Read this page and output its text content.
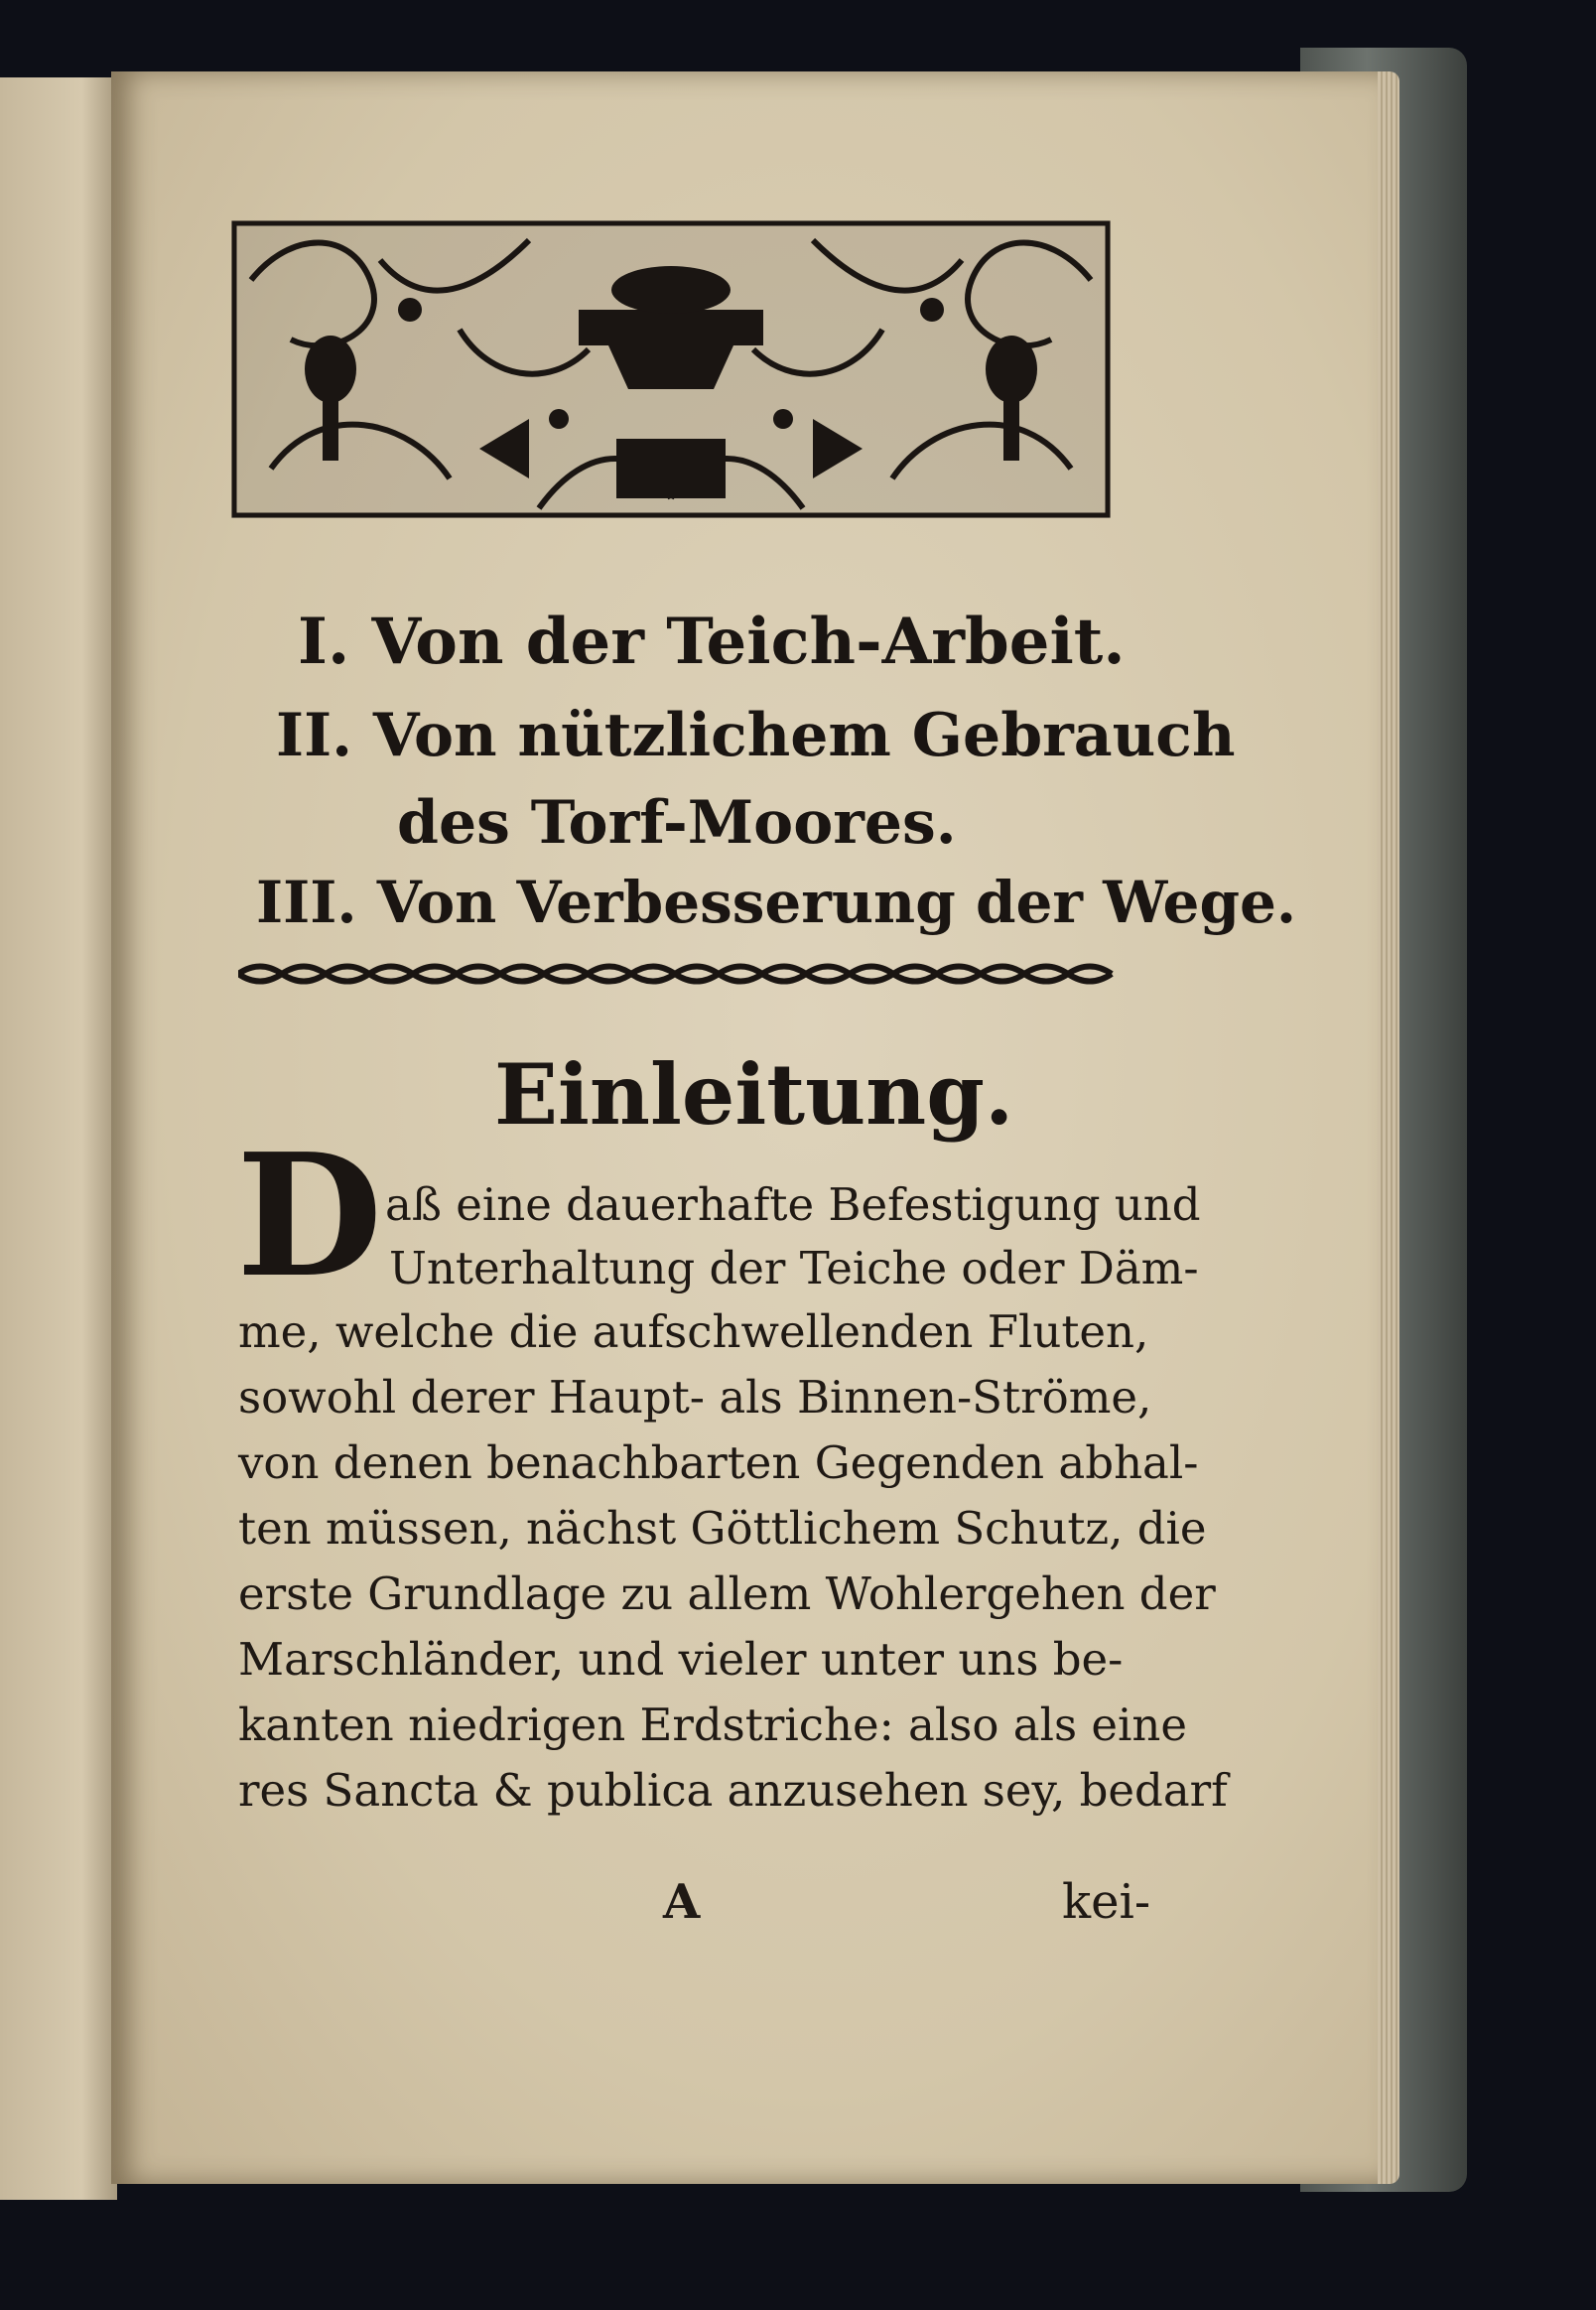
I. Von der Teich-Arbeit.
II. Von nützlichem Gebrauch
des Torf-Moores.
III. Von Verbesserung der Wege.
Einleitung.
D aß eine dauerhafte Befestigung und
Unterhaltung der Teiche oder Däm-
me, welche die aufschwellenden Fluten,
sowohl derer Haupt- als Binnen-Ströme,
von denen benachbarten Gegenden abhal-
ten müssen, nächst Göttlichem Schutz, die
erste Grundlage zu allem Wohlergehen der
Marschländer, und vieler unter uns be-
kanten niedrigen Erdstriche: also als eine
res Sancta & publica anzusehen sey, bedarf
A	kei-
